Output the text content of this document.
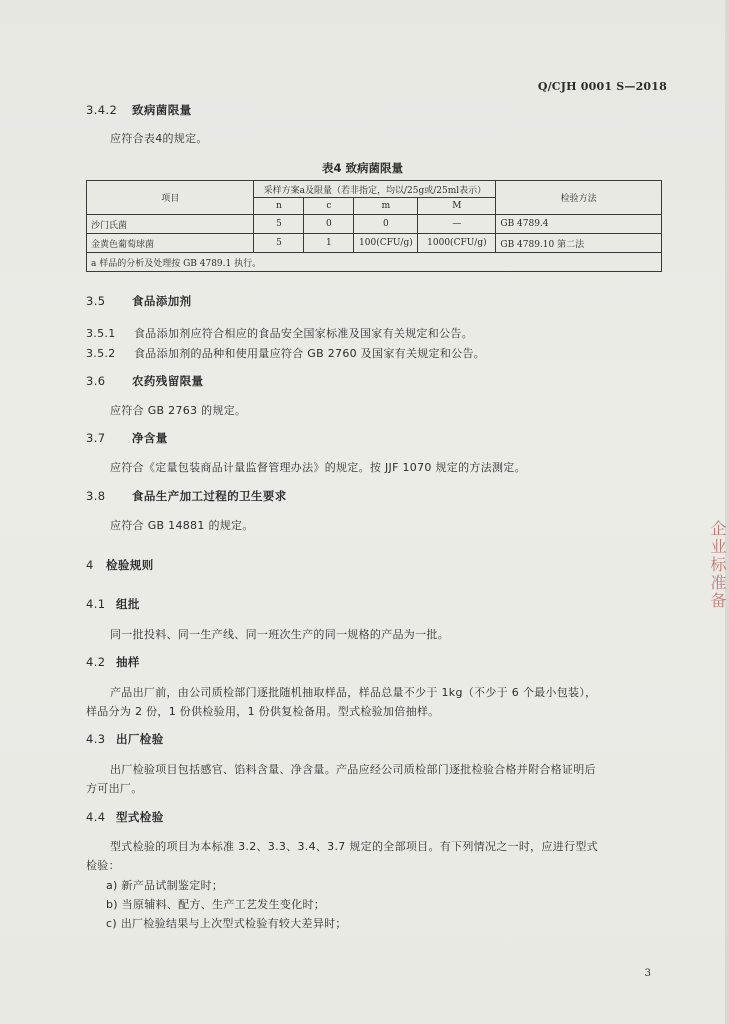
Q/CJH 0001 S—2018
3.4.2 致病菌限量
应符合表4的规定。
表4 致病菌限量
项目	采样方案a及限量（若非指定，均以/25g或/25ml表示）				检验方法
	n	c	m	M	
沙门氏菌	5	0	0	—	GB 4789.4
金黄色葡萄球菌	5	1	100(CFU/g)	1000(CFU/g)	GB 4789.10 第二法
a 样品的分析及处理按 GB 4789.1 执行。					
3.5 食品添加剂
3.5.1 食品添加剂应符合相应的食品安全国家标准及国家有关规定和公告。
3.5.2 食品添加剂的品种和使用量应符合 GB 2760 及国家有关规定和公告。
3.6 农药残留限量
应符合 GB 2763 的规定。
3.7 净含量
应符合《定量包装商品计量监督管理办法》的规定。按 JJF 1070 规定的方法测定。
3.8 食品生产加工过程的卫生要求
应符合 GB 14881 的规定。
4 检验规则
4.1 组批
同一批投料、同一生产线、同一班次生产的同一规格的产品为一批。
4.2 抽样
产品出厂前，由公司质检部门逐批随机抽取样品，样品总量不少于 1kg（不少于 6 个最小包装），
样品分为 2 份，1 份供检验用，1 份供复检备用。型式检验加倍抽样。
4.3 出厂检验
出厂检验项目包括感官、馅料含量、净含量。产品应经公司质检部门逐批检验合格并附合格证明后
方可出厂。
4.4 型式检验
型式检验的项目为本标准 3.2、3.3、3.4、3.7 规定的全部项目。有下列情况之一时，应进行型式
检验：
a) 新产品试制鉴定时；
b) 当原辅料、配方、生产工艺发生变化时；
c) 出厂检验结果与上次型式检验有较大差异时；
企业标准备
3
